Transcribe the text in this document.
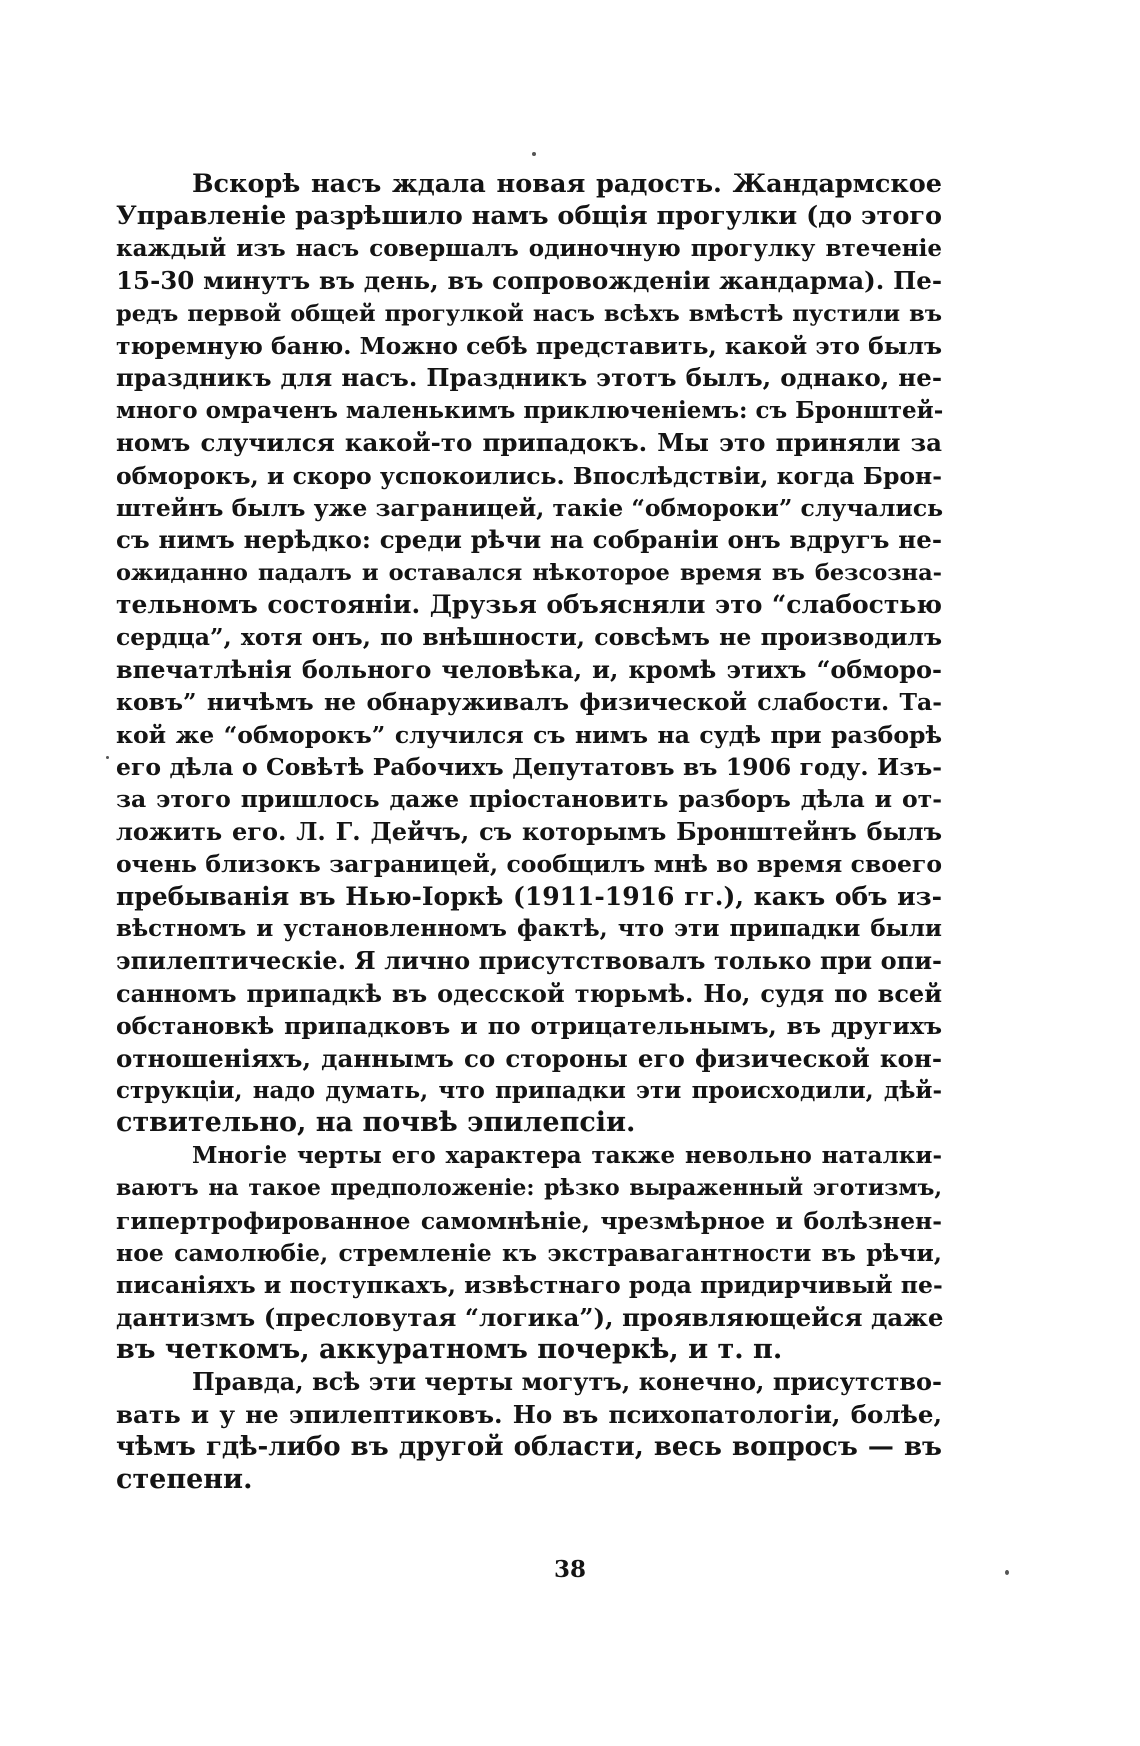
Вскорѣ насъ ждала новая радость. Жандармское
Управленіе разрѣшило намъ общія прогулки (до этого
каждый изъ насъ совершалъ одиночную прогулку втеченіе
15-30 минутъ въ день, въ сопровожденіи жандарма). Пе-
редъ первой общей прогулкой насъ всѣхъ вмѣстѣ пустили въ
тюремную баню. Можно себѣ представить, какой это былъ
праздникъ для насъ. Праздникъ этотъ былъ, однако, не-
много омраченъ маленькимъ приключеніемъ: съ Бронштей-
номъ случился какой-то припадокъ. Мы это приняли за
обморокъ, и скоро успокоились. Впослѣдствіи, когда Брон-
штейнъ былъ уже заграницей, такіе “обмороки” случались
съ нимъ нерѣдко: среди рѣчи на собраніи онъ вдругъ не-
ожиданно падалъ и оставался нѣкоторое время въ безсозна-
тельномъ состояніи. Друзья объясняли это “слабостью
сердца”, хотя онъ, по внѣшности, совсѣмъ не производилъ
впечатлѣнія больного человѣка, и, кромѣ этихъ “обморо-
ковъ” ничѣмъ не обнаруживалъ физической слабости. Та-
кой же “обморокъ” случился съ нимъ на судѣ при разборѣ
его дѣла о Совѣтѣ Рабочихъ Депутатовъ въ 1906 году. Изъ-
за этого пришлось даже пріостановить разборъ дѣла и от-
ложить его. Л. Г. Дейчъ, съ которымъ Бронштейнъ былъ
очень близокъ заграницей, сообщилъ мнѣ во время своего
пребыванія въ Нью-Іоркѣ (1911-1916 гг.), какъ объ из-
вѣстномъ и установленномъ фактѣ, что эти припадки были
эпилептическіе. Я лично присутствовалъ только при опи-
санномъ припадкѣ въ одесской тюрьмѣ. Но, судя по всей
обстановкѣ припадковъ и по отрицательнымъ, въ другихъ
отношеніяхъ, даннымъ со стороны его физической кон-
струкціи, надо думать, что припадки эти происходили, дѣй-
ствительно, на почвѣ эпилепсіи.
Многіе черты его характера также невольно наталки-
ваютъ на такое предположеніе: рѣзко выраженный эготизмъ,
гипертрофированное самомнѣніе, чрезмѣрное и болѣзнен-
ное самолюбіе, стремленіе къ экстравагантности въ рѣчи,
писаніяхъ и поступкахъ, извѣстнаго рода придирчивый пе-
дантизмъ (пресловутая “логика”), проявляющейся даже
въ четкомъ, аккуратномъ почеркѣ, и т. п.
Правда, всѣ эти черты могутъ, конечно, присутство-
вать и у не эпилептиковъ. Но въ психопатологіи, болѣе,
чѣмъ гдѣ-либо въ другой области, весь вопросъ — въ
степени.
38
